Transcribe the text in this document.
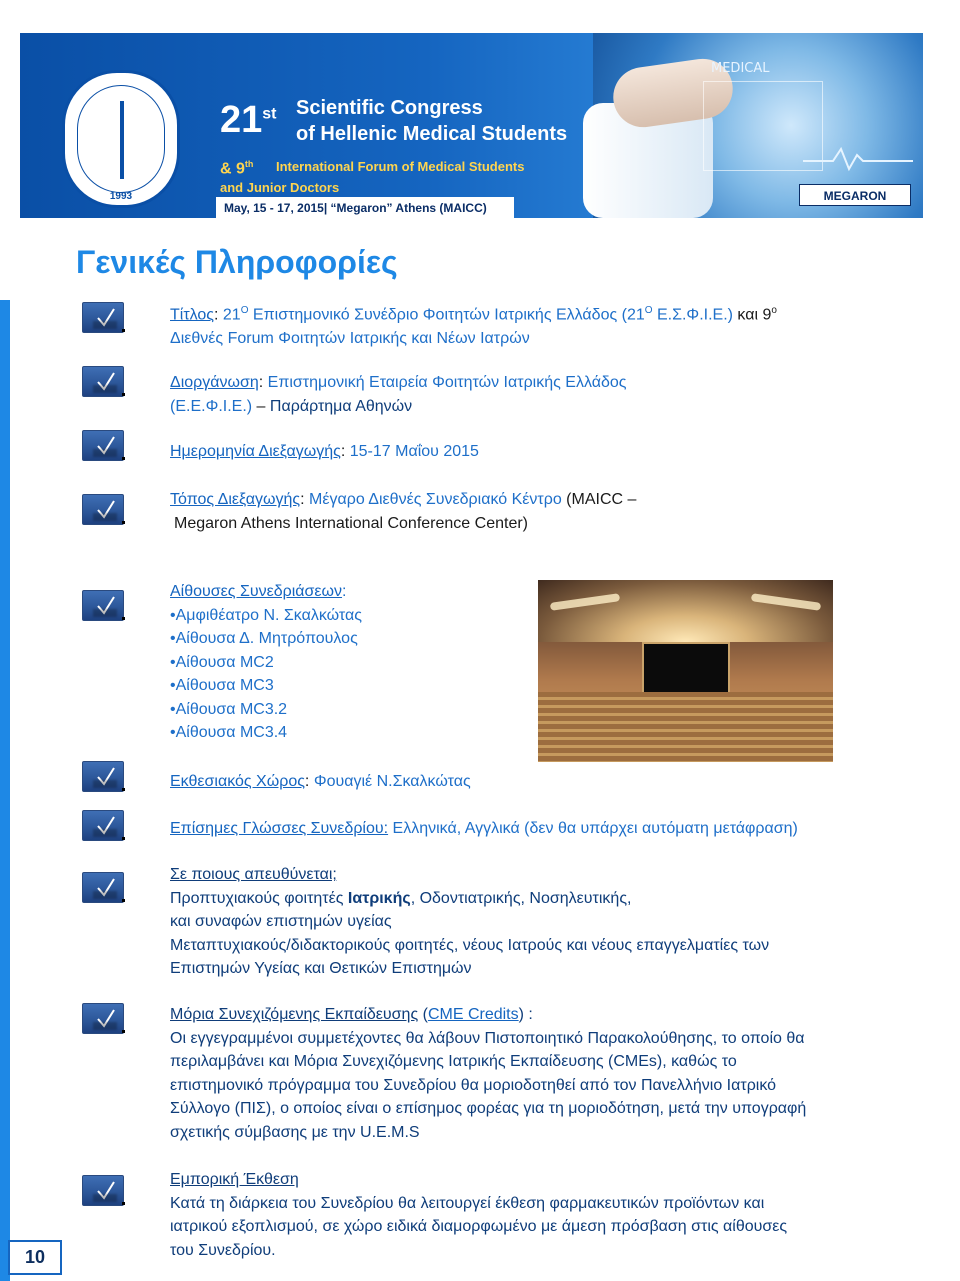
MEDICAL
MEGARON
1993
21st Scientific Congress
of Hellenic Medical Students
& 9th International Forum of Medical Students
and Junior Doctors
May, 15 - 17, 2015| “Megaron” Athens (MAICC)
www.21esfie.gr
Γενικές Πληροφορίες
Τίτλος: $21^O$ Επιστημονικό Συνέδριο Φοιτητών Ιατρικής Ελλάδος ($21^O$ Ε.Σ.Φ.Ι.Ε.) και $9^o$
Διεθνές Forum Φοιτητών Ιατρικής και Νέων Ιατρών
Διοργάνωση: Επιστημονική Εταιρεία Φοιτητών Ιατρικής Ελλάδος
(Ε.Ε.Φ.Ι.Ε.) – Παράρτημα Αθηνών
Ημερομηνία Διεξαγωγής: 15-17 Μαΐου 2015
Τόπος Διεξαγωγής: Μέγαρο Διεθνές Συνεδριακό Κέντρο (MAICC –
Megaron Athens International Conference Center)
Αίθουσες Συνεδριάσεων:
•Αμφιθέατρο Ν. Σκαλκώτας
•Αίθουσα Δ. Μητρόπουλος
•Αίθουσα MC2
•Αίθουσα MC3
•Αίθουσα MC3.2
•Αίθουσα MC3.4
Εκθεσιακός Χώρος: Φουαγιέ Ν.Σκαλκώτας
Επίσημες Γλώσσες Συνεδρίου: Ελληνικά, Αγγλικά (δεν θα υπάρχει αυτόματη μετάφραση)
Σε ποιους απευθύνεται;
Προπτυχιακούς φοιτητές Ιατρικής, Οδοντιατρικής, Νοσηλευτικής,
και συναφών επιστημών υγείας
Μεταπτυχιακούς/διδακτορικούς φοιτητές, νέους Ιατρούς και νέους επαγγελματίες των
Επιστημών Υγείας και Θετικών Επιστημών
Μόρια Συνεχιζόμενης Εκπαίδευσης (CME Credits) :
Οι εγγεγραμμένοι συμμετέχοντες θα λάβουν Πιστοποιητικό Παρακολούθησης, το οποίο θα
περιλαμβάνει και Μόρια Συνεχιζόμενης Ιατρικής Εκπαίδευσης (CMEs), καθώς το
επιστημονικό πρόγραμμα του Συνεδρίου θα μοριοδοτηθεί από τον Πανελλήνιο Ιατρικό
Σύλλογο (ΠΙΣ), ο οποίος είναι ο επίσημος φορέας για τη μοριοδότηση, μετά την υπογραφή
σχετικής σύμβασης με την U.E.M.S
Εμπορική Έκθεση
Κατά τη διάρκεια του Συνεδρίου θα λειτουργεί έκθεση φαρμακευτικών προϊόντων και
ιατρικού εξοπλισμού, σε χώρο ειδικά διαμορφωμένο με άμεση πρόσβαση στις αίθουσες
του Συνεδρίου.
10
